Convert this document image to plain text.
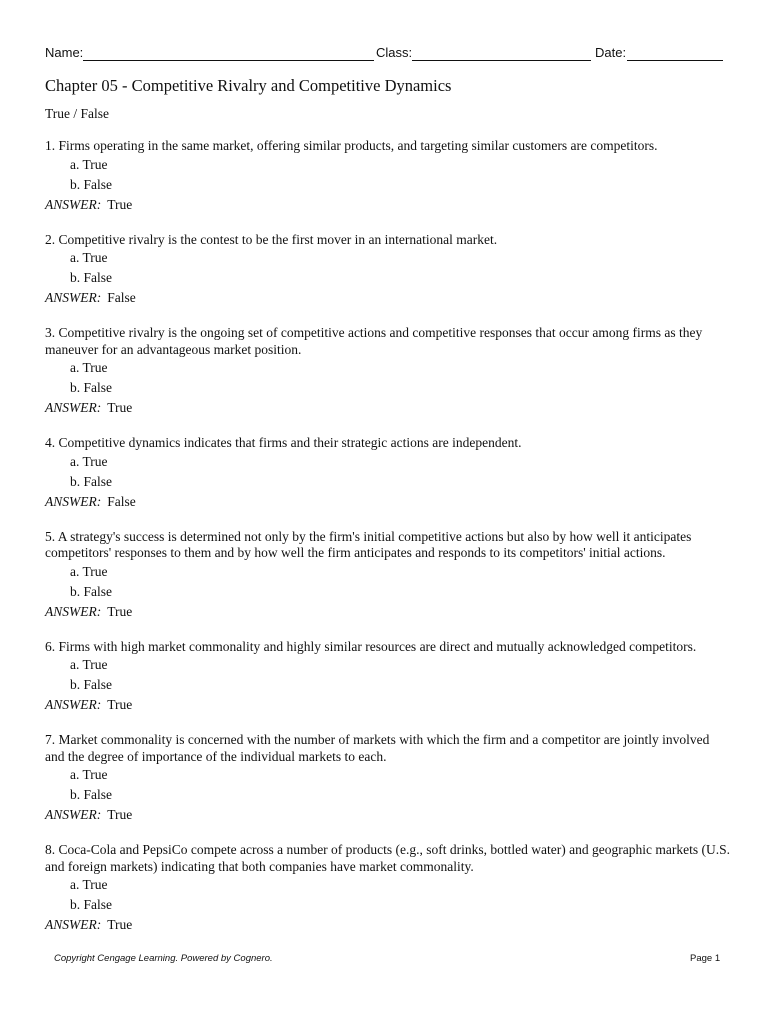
Name:	Class:	Date:
Chapter 05 - Competitive Rivalry and Competitive Dynamics
True / False
1. Firms operating in the same market, offering similar products, and targeting similar customers are competitors.
a. True
b. False
ANSWER: True
2. Competitive rivalry is the contest to be the first mover in an international market.
a. True
b. False
ANSWER: False
3. Competitive rivalry is the ongoing set of competitive actions and competitive responses that occur among firms as they maneuver for an advantageous market position.
a. True
b. False
ANSWER: True
4. Competitive dynamics indicates that firms and their strategic actions are independent.
a. True
b. False
ANSWER: False
5. A strategy's success is determined not only by the firm's initial competitive actions but also by how well it anticipates competitors' responses to them and by how well the firm anticipates and responds to its competitors' initial actions.
a. True
b. False
ANSWER: True
6. Firms with high market commonality and highly similar resources are direct and mutually acknowledged competitors.
a. True
b. False
ANSWER: True
7. Market commonality is concerned with the number of markets with which the firm and a competitor are jointly involved and the degree of importance of the individual markets to each.
a. True
b. False
ANSWER: True
8. Coca-Cola and PepsiCo compete across a number of products (e.g., soft drinks, bottled water) and geographic markets (U.S. and foreign markets) indicating that both companies have market commonality.
a. True
b. False
ANSWER: True
Copyright Cengage Learning. Powered by Cognero.	Page 1
